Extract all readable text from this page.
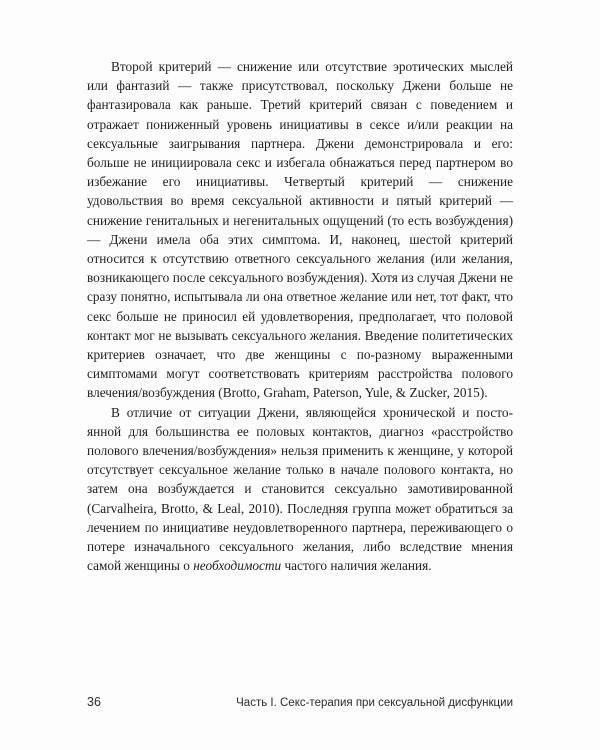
Второй критерий — снижение или отсутствие эротических мыслей или фантазий — также присутствовал, поскольку Джени больше не фантазировала как раньше. Третий критерий связан с поведением и отражает пониженный уровень инициативы в сексе и/или реакции на сексуальные заигрывания партнера. Джени демонстрировала и его: больше не инициировала секс и избегала обнажаться перед партнером во избежание его инициативы. Четвертый критерий — снижение удовольствия во время сексуальной активности и пятый критерий — снижение генитальных и негенитальных ощущений (то есть возбуждения) — Джени имела оба этих симптома. И, наконец, шестой критерий относится к отсутствию ответного сексуального желания (или желания, возникающего после сексуального возбуждения). Хотя из случая Джени не сразу понятно, испытывала ли она ответное желание или нет, тот факт, что секс больше не приносил ей удовлетворения, предполагает, что половой контакт мог не вызывать сексуального желания. Введение политетических критериев означает, что две женщины с по-разному выраженными симптомами могут соответствовать критериям расстройства полового влечения/возбуждения (Brotto, Graham, Paterson, Yule, & Zucker, 2015).

В отличие от ситуации Джени, являющейся хронической и постоянной для большинства ее половых контактов, диагноз «расстройство полового влечения/возбуждения» нельзя применить к женщине, у которой отсутствует сексуальное желание только в начале полового контакта, но затем она возбуждается и становится сексуально замотивированной (Carvalheira, Brotto, & Leal, 2010). Последняя группа может обратиться за лечением по инициативе неудовлетворенного партнера, переживающего о потере изначального сексуального желания, либо вследствие мнения самой женщины о необходимости частого наличия желания.

36	Часть I. Секс-терапия при сексуальной дисфункции
